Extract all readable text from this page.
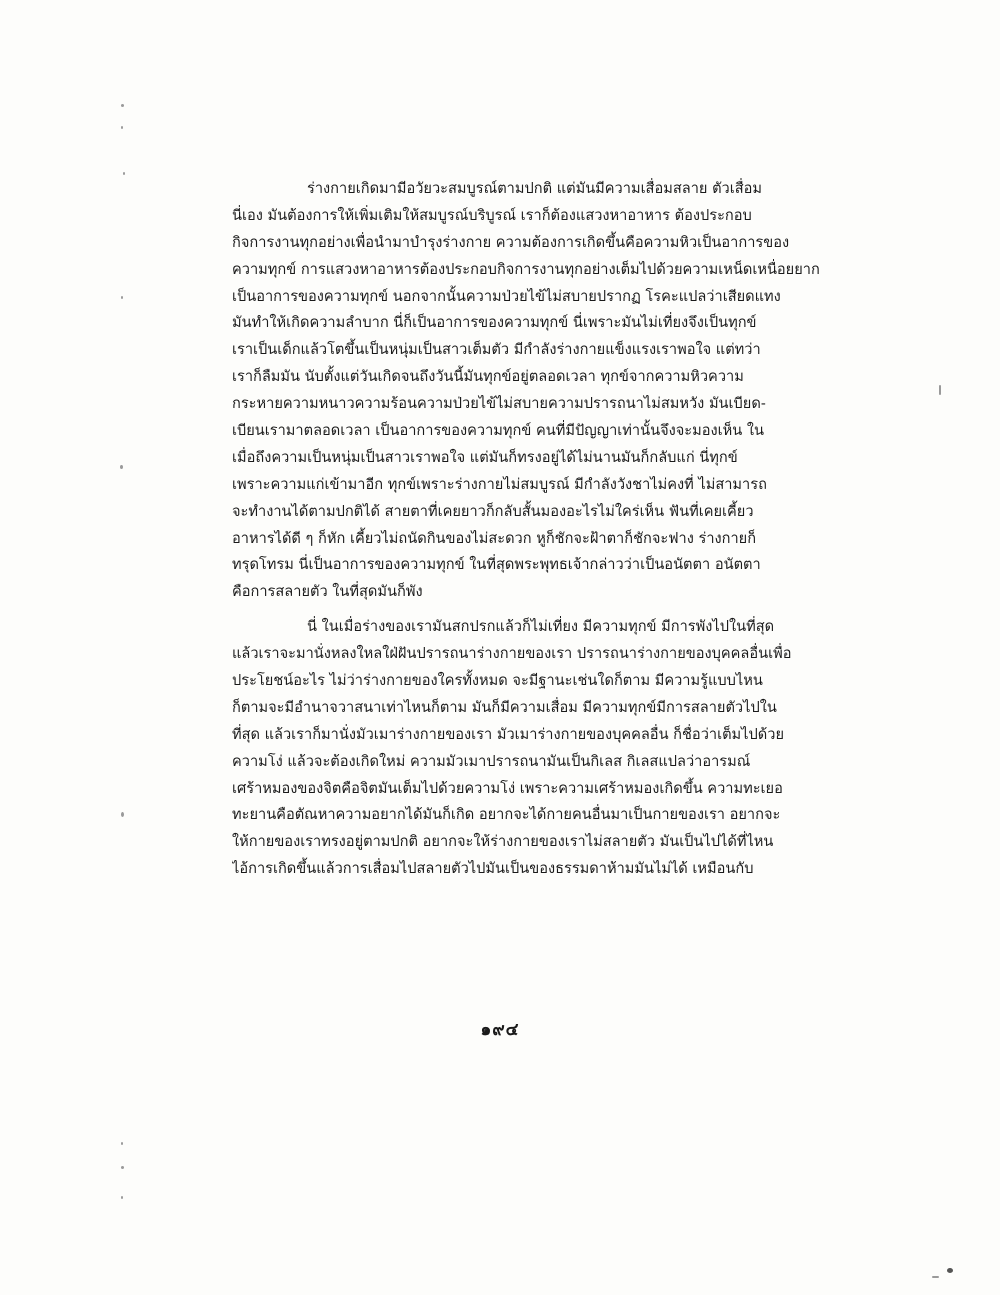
ร่างกายเกิดมามีอวัยวะสมบูรณ์ตามปกติ แต่มันมีความเสื่อมสลาย ตัวเสื่อม
นี่เอง มันต้องการให้เพิ่มเติมให้สมบูรณ์บริบูรณ์ เราก็ต้องแสวงหาอาหาร ต้องประกอบ
กิจการงานทุกอย่างเพื่อนำมาบำรุงร่างกาย ความต้องการเกิดขึ้นคือความหิวเป็นอาการของ
ความทุกข์ การแสวงหาอาหารต้องประกอบกิจการงานทุกอย่างเต็มไปด้วยความเหน็ดเหนื่อยยาก
เป็นอาการของความทุกข์ นอกจากนั้นความป่วยไข้ไม่สบายปรากฏ โรคะแปลว่าเสียดแทง
มันทำให้เกิดความลำบาก นี่ก็เป็นอาการของความทุกข์ นี่เพราะมันไม่เที่ยงจึงเป็นทุกข์
เราเป็นเด็กแล้วโตขึ้นเป็นหนุ่มเป็นสาวเต็มตัว มีกำลังร่างกายแข็งแรงเราพอใจ แต่ทว่า
เราก็ลืมมัน นับตั้งแต่วันเกิดจนถึงวันนี้มันทุกข์อยู่ตลอดเวลา ทุกข์จากความหิวความ
กระหายความหนาวความร้อนความป่วยไข้ไม่สบายความปรารถนาไม่สมหวัง มันเบียด-
เบียนเรามาตลอดเวลา เป็นอาการของความทุกข์ คนที่มีปัญญาเท่านั้นจึงจะมองเห็น ใน
เมื่อถึงความเป็นหนุ่มเป็นสาวเราพอใจ แต่มันก็ทรงอยู่ได้ไม่นานมันก็กลับแก่ นี่ทุกข์
เพราะความแก่เข้ามาอีก ทุกข์เพราะร่างกายไม่สมบูรณ์ มีกำลังวังชาไม่คงที่ ไม่สามารถ
จะทำงานได้ตามปกติได้ สายตาที่เคยยาวก็กลับสั้นมองอะไรไม่ใคร่เห็น ฟันที่เคยเคี้ยว
อาหารได้ดี ๆ ก็หัก เคี้ยวไม่ถนัดกินของไม่สะดวก หูก็ชักจะฝ้าตาก็ชักจะฟาง ร่างกายก็
ทรุดโทรม นี่เป็นอาการของความทุกข์ ในที่สุดพระพุทธเจ้ากล่าวว่าเป็นอนัตตา อนัตตา
คือการสลายตัว ในที่สุดมันก็พัง
นี่ ในเมื่อร่างของเรามันสกปรกแล้วก็ไม่เที่ยง มีความทุกข์ มีการพังไปในที่สุด
แล้วเราจะมานั่งหลงใหลใฝ่ฝันปรารถนาร่างกายของเรา ปรารถนาร่างกายของบุคคลอื่นเพื่อ
ประโยชน์อะไร ไม่ว่าร่างกายของใครทั้งหมด จะมีฐานะเช่นใดก็ตาม มีความรู้แบบไหน
ก็ตามจะมีอำนาจวาสนาเท่าไหนก็ตาม มันก็มีความเสื่อม มีความทุกข์มีการสลายตัวไปใน
ที่สุด แล้วเราก็มานั่งมัวเมาร่างกายของเรา มัวเมาร่างกายของบุคคลอื่น ก็ชื่อว่าเต็มไปด้วย
ความโง่ แล้วจะต้องเกิดใหม่ ความมัวเมาปรารถนามันเป็นกิเลส กิเลสแปลว่าอารมณ์
เศร้าหมองของจิตคือจิตมันเต็มไปด้วยความโง่ เพราะความเศร้าหมองเกิดขึ้น ความทะเยอ
ทะยานคือตัณหาความอยากได้มันก็เกิด อยากจะได้กายคนอื่นมาเป็นกายของเรา อยากจะ
ให้กายของเราทรงอยู่ตามปกติ อยากจะให้ร่างกายของเราไม่สลายตัว มันเป็นไปได้ที่ไหน
ไอ้การเกิดขึ้นแล้วการเสื่อมไปสลายตัวไปมันเป็นของธรรมดาห้ามมันไม่ได้ เหมือนกับ
๑๙๔
